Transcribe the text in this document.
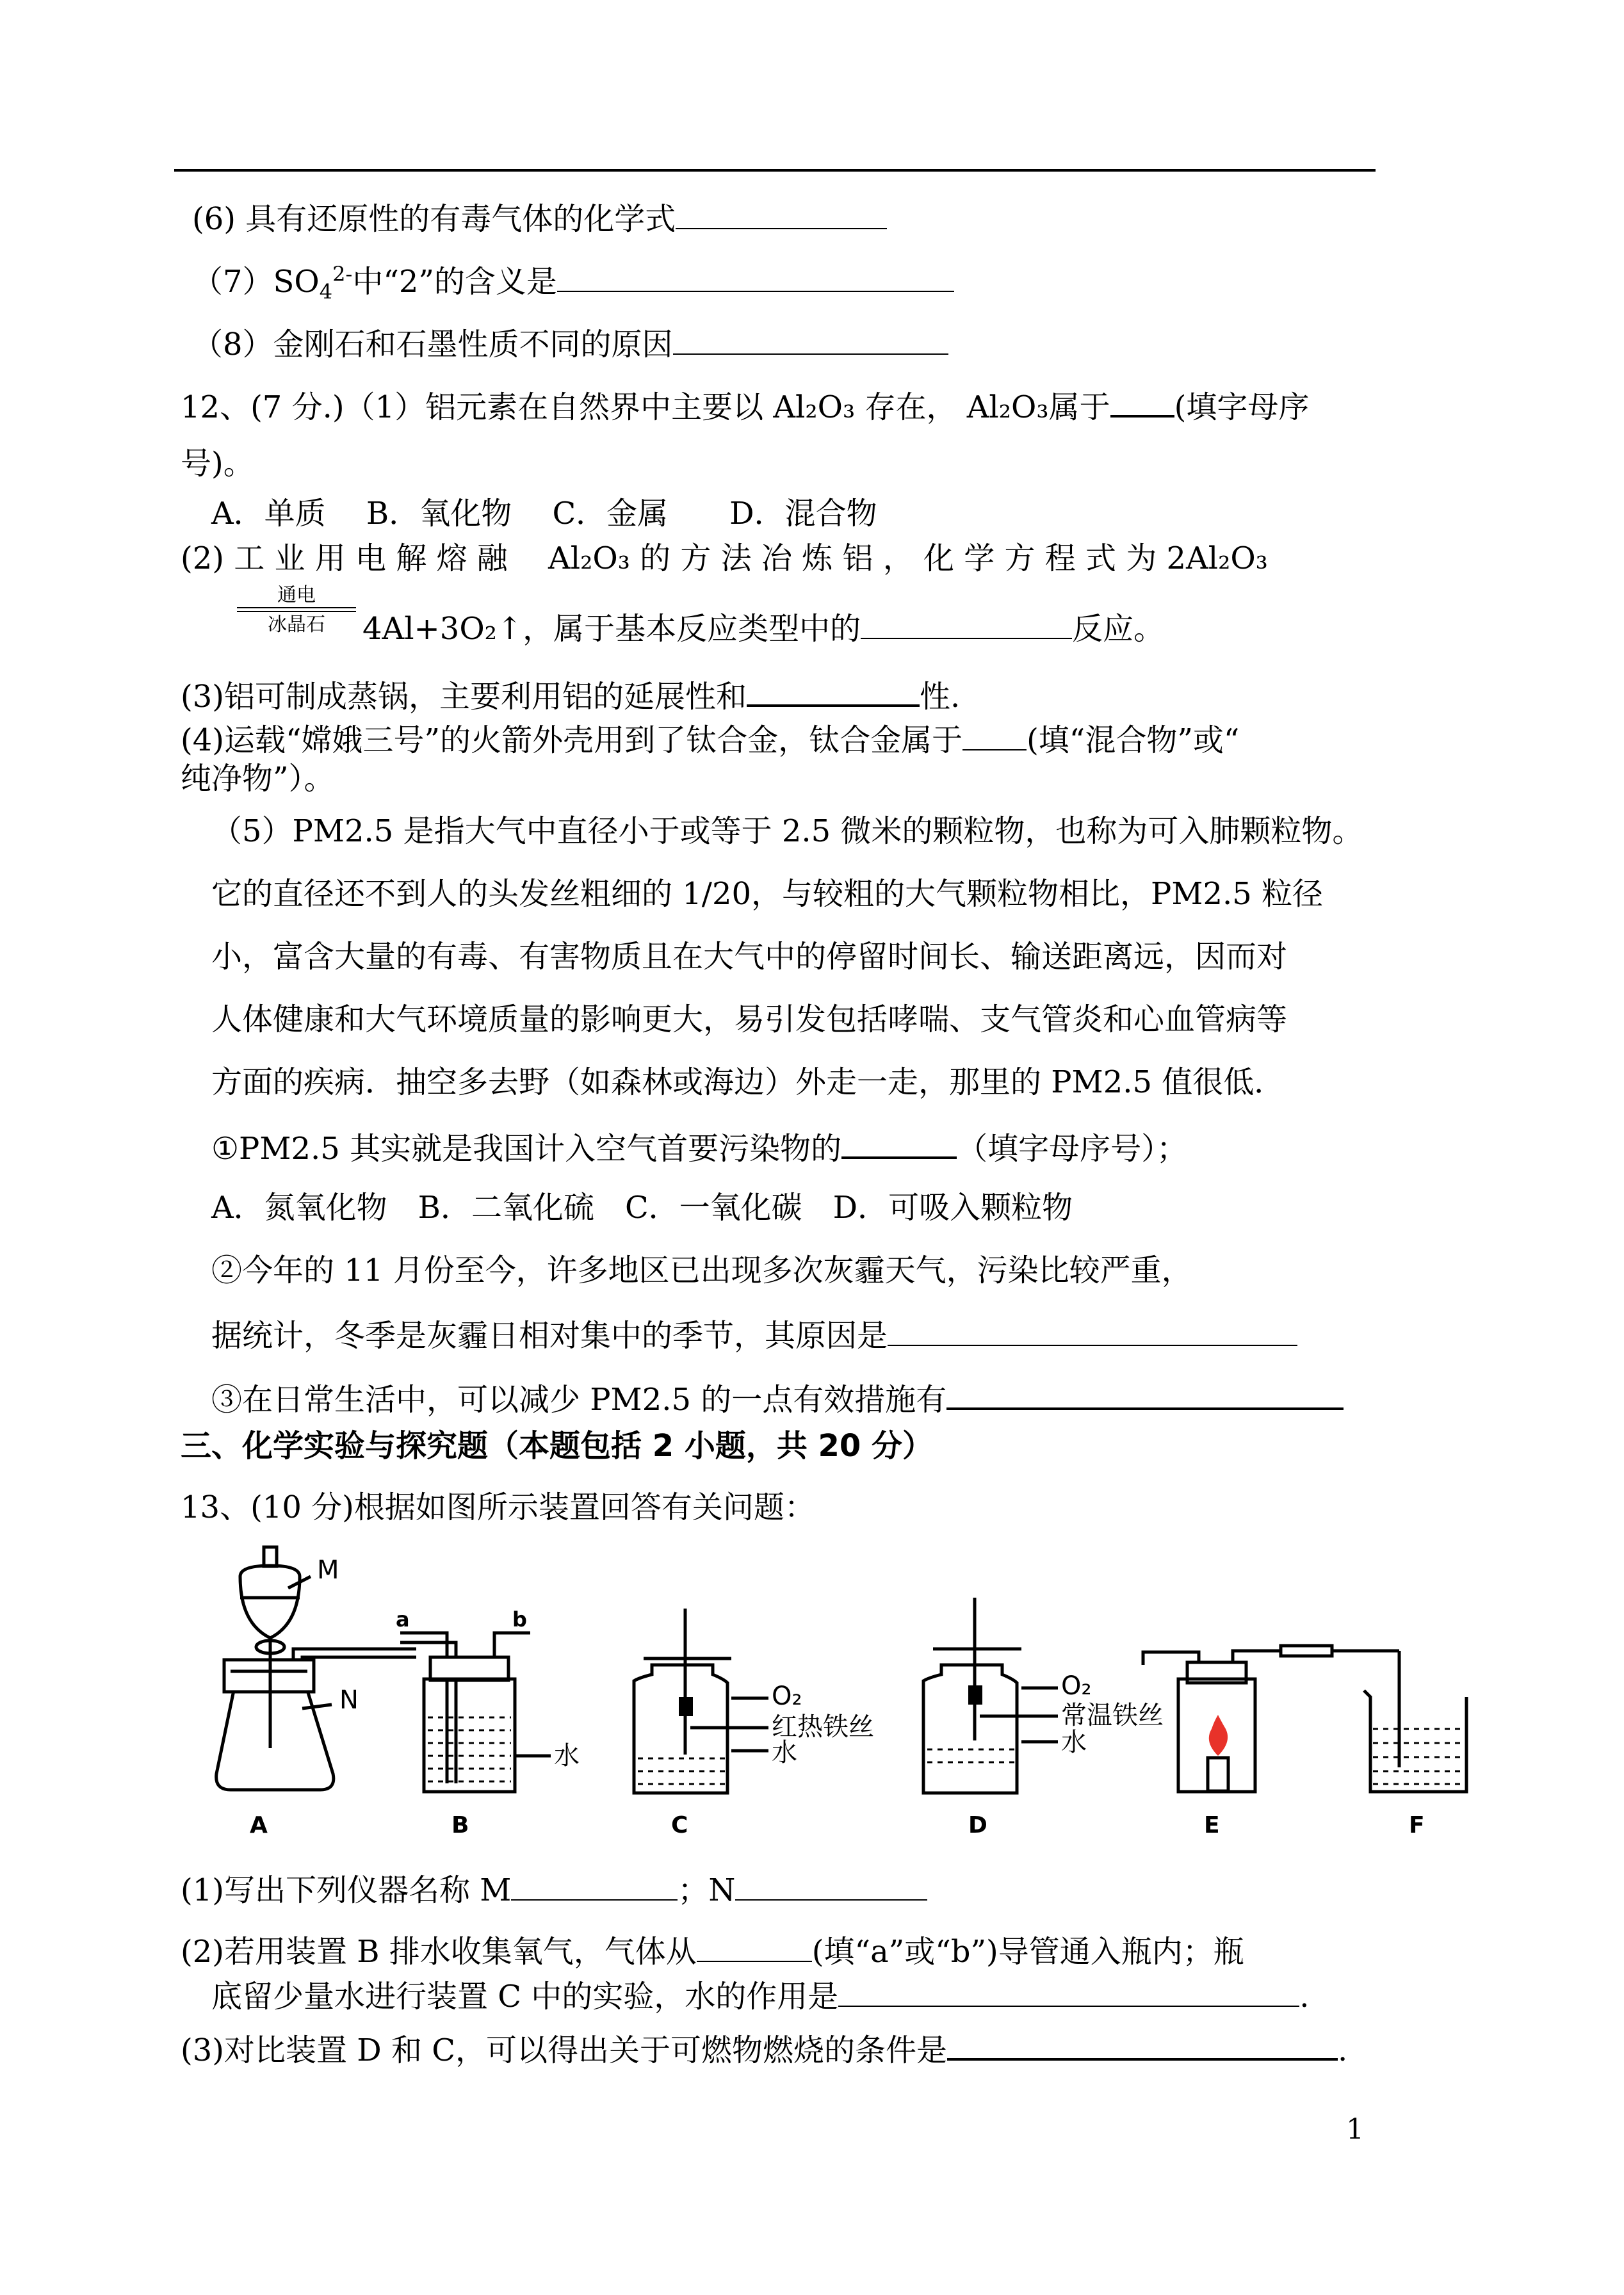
(6) 具有还原性的有毒气体的化学式
$(7)SO_4^{2-}$中“2”的含义是
（8）金刚石和石墨性质不同的原因
12、(7 分.)（1）铝元素在自然界中主要以 Al₂O₃ 存在， Al₂O₃属于 (填字母序
号)。
A．单质　 B．氧化物　 C．金属　　D．混合物
(2) 工 业 用 电 解 熔 融 　Al₂O₃ 的 方 法 冶 炼 铝 ， 化 学 方 程 式 为 2Al₂O₃
通电
冰晶石	4Al+3O₂↑，属于基本反应类型中的	反应。
(3)铝可制成蒸锅，主要利用铝的延展性和	性.
(4)运载“嫦娥三号”的火箭外壳用到了钛合金，钛合金属于 (填“混合物”或“
纯净物”）。
（5）PM2.5 是指大气中直径小于或等于 2.5 微米的颗粒物，也称为可入肺颗粒物。
它的直径还不到人的头发丝粗细的 1/20，与较粗的大气颗粒物相比，PM2.5 粒径
小，富含大量的有毒、有害物质且在大气中的停留时间长、输送距离远，因而对
人体健康和大气环境质量的影响更大，易引发包括哮喘、支气管炎和心血管病等
方面的疾病．抽空多去野（如森林或海边）外走一走，那里的 PM2.5 值很低．
①PM2.5 其实就是我国计入空气首要污染物的	（填字母序号）；
A．氮氧化物　B．二氧化硫　C．一氧化碳　D．可吸入颗粒物
②今年的 11 月份至今，许多地区已出现多次灰霾天气，污染比较严重，
据统计，冬季是灰霾日相对集中的季节，其原因是
③在日常生活中，可以减少 PM2.5 的一点有效措施有
三、化学实验与探究题（本题包括 2 小题，共 20 分）
13、(10 分)根据如图所示装置回答有关问题：
M
N
a	b
水
O₂
红热铁丝
水
O₂
常温铁丝
水
A	B	C	D	E	F
(1)写出下列仪器名称 M	；N
(2)若用装置 B 排水收集氧气，气体从	(填“a”或“b”)导管通入瓶内；瓶
底留少量水进行装置 C 中的实验，水的作用是	.
(3)对比装置 D 和 C，可以得出关于可燃物燃烧的条件是	.
1
